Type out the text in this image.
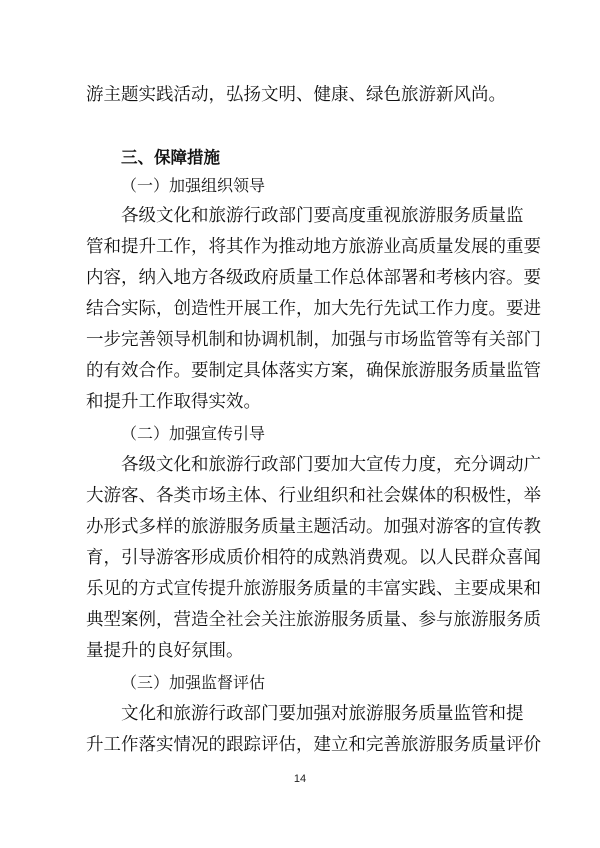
游主题实践活动，弘扬文明、健康、绿色旅游新风尚。
三、保障措施
（一）加强组织领导
各级文化和旅游行政部门要高度重视旅游服务质量监
管和提升工作，将其作为推动地方旅游业高质量发展的重要
内容，纳入地方各级政府质量工作总体部署和考核内容。要
结合实际，创造性开展工作，加大先行先试工作力度。要进
一步完善领导机制和协调机制，加强与市场监管等有关部门
的有效合作。要制定具体落实方案，确保旅游服务质量监管
和提升工作取得实效。
（二）加强宣传引导
各级文化和旅游行政部门要加大宣传力度，充分调动广
大游客、各类市场主体、行业组织和社会媒体的积极性，举
办形式多样的旅游服务质量主题活动。加强对游客的宣传教
育，引导游客形成质价相符的成熟消费观。以人民群众喜闻
乐见的方式宣传提升旅游服务质量的丰富实践、主要成果和
典型案例，营造全社会关注旅游服务质量、参与旅游服务质
量提升的良好氛围。
（三）加强监督评估
文化和旅游行政部门要加强对旅游服务质量监管和提
升工作落实情况的跟踪评估，建立和完善旅游服务质量评价
14
